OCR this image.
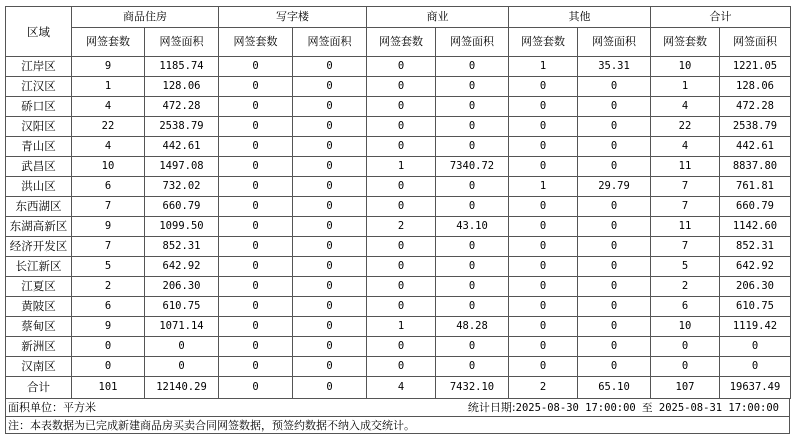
区域	商品住房		写字楼		商业		其他		合计	
	网签套数	网签面积	网签套数	网签面积	网签套数	网签面积	网签套数	网签面积	网签套数	网签面积
江岸区	9	1185.74	0	0	0	0	1	35.31	10	1221.05
江汉区	1	128.06	0	0	0	0	0	0	1	128.06
硚口区	4	472.28	0	0	0	0	0	0	4	472.28
汉阳区	22	2538.79	0	0	0	0	0	0	22	2538.79
青山区	4	442.61	0	0	0	0	0	0	4	442.61
武昌区	10	1497.08	0	0	1	7340.72	0	0	11	8837.80
洪山区	6	732.02	0	0	0	0	1	29.79	7	761.81
东西湖区	7	660.79	0	0	0	0	0	0	7	660.79
东湖高新区	9	1099.50	0	0	2	43.10	0	0	11	1142.60
经济开发区	7	852.31	0	0	0	0	0	0	7	852.31
长江新区	5	642.92	0	0	0	0	0	0	5	642.92
江夏区	2	206.30	0	0	0	0	0	0	2	206.30
黄陂区	6	610.75	0	0	0	0	0	0	6	610.75
蔡甸区	9	1071.14	0	0	1	48.28	0	0	10	1119.42
新洲区	0	0	0	0	0	0	0	0	0	0
汉南区	0	0	0	0	0	0	0	0	0	0
合计	101	12140.29	0	0	4	7432.10	2	65.10	107	19637.49
面积单位：平方米	统计日期:2025-08-30 17:00:00 至 2025-08-31 17:00:00
注：本表数据为已完成新建商品房买卖合同网签数据，预签约数据不纳入成交统计。
